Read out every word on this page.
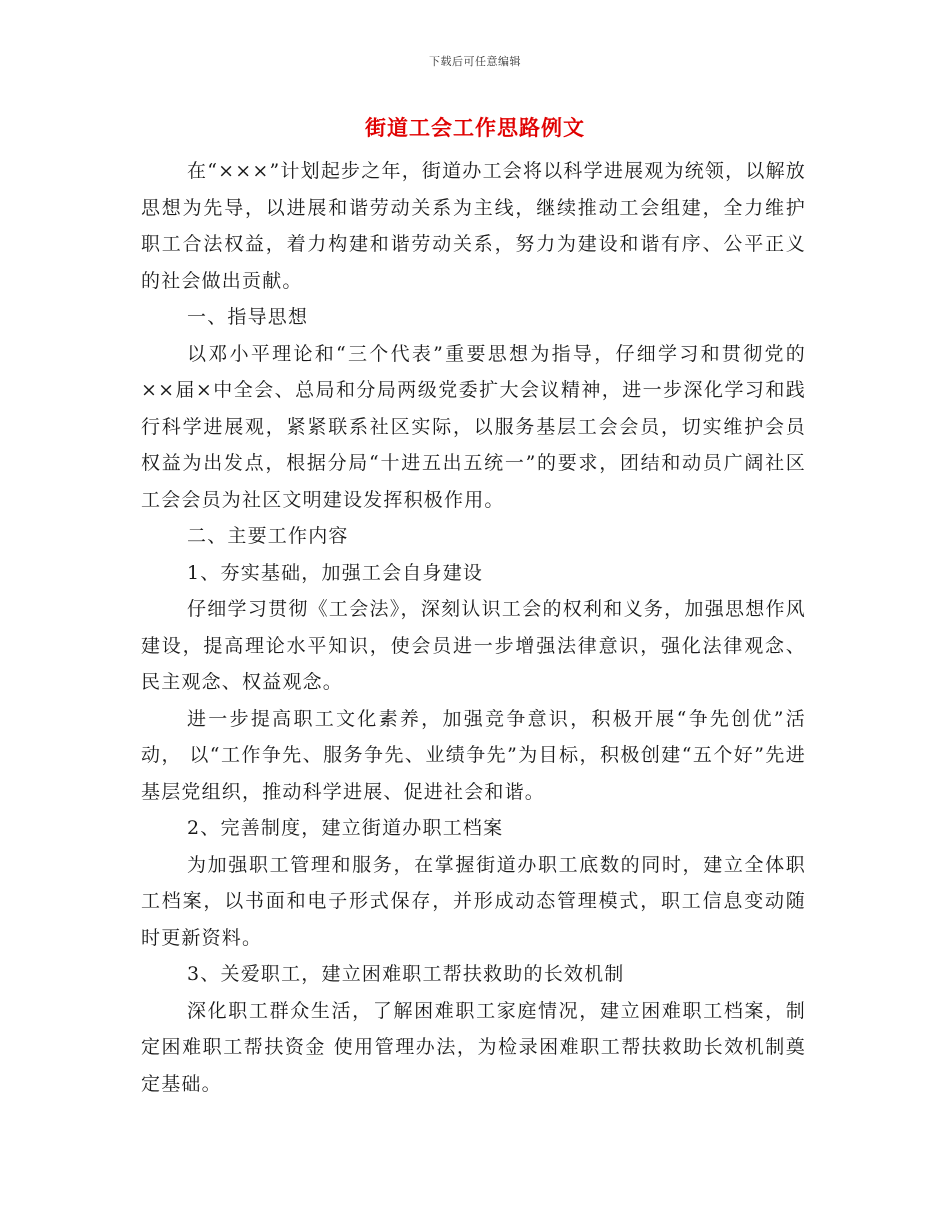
下载后可任意编辑
街道工会工作思路例文

在“×××”计划起步之年，街道办工会将以科学进展观为统领，以解放思想为先导，以进展和谐劳动关系为主线，继续推动工会组建，全力维护职工合法权益，着力构建和谐劳动关系，努力为建设和谐有序、公平正义的社会做出贡献。

一、指导思想

以邓小平理论和“三个代表”重要思想为指导，仔细学习和贯彻党的××届×中全会、总局和分局两级党委扩大会议精神，进一步深化学习和践行科学进展观，紧紧联系社区实际，以服务基层工会会员，切实维护会员权益为出发点，根据分局“十进五出五统一”的要求，团结和动员广阔社区工会会员为社区文明建设发挥积极作用。

二、主要工作内容

1、夯实基础，加强工会自身建设

仔细学习贯彻《工会法》，深刻认识工会的权利和义务，加强思想作风建设，提高理论水平知识，使会员进一步增强法律意识，强化法律观念、民主观念、权益观念。

进一步提高职工文化素养，加强竞争意识，积极开展“争先创优”活动， 以“工作争先、服务争先、业绩争先”为目标，积极创建“五个好”先进基层党组织，推动科学进展、促进社会和谐。

2、完善制度，建立街道办职工档案

为加强职工管理和服务，在掌握街道办职工底数的同时，建立全体职工档案，以书面和电子形式保存，并形成动态管理模式，职工信息变动随时更新资料。

3、关爱职工，建立困难职工帮扶救助的长效机制

深化职工群众生活，了解困难职工家庭情况，建立困难职工档案，制定困难职工帮扶资金 使用管理办法，为检录困难职工帮扶救助长效机制奠定基础。
